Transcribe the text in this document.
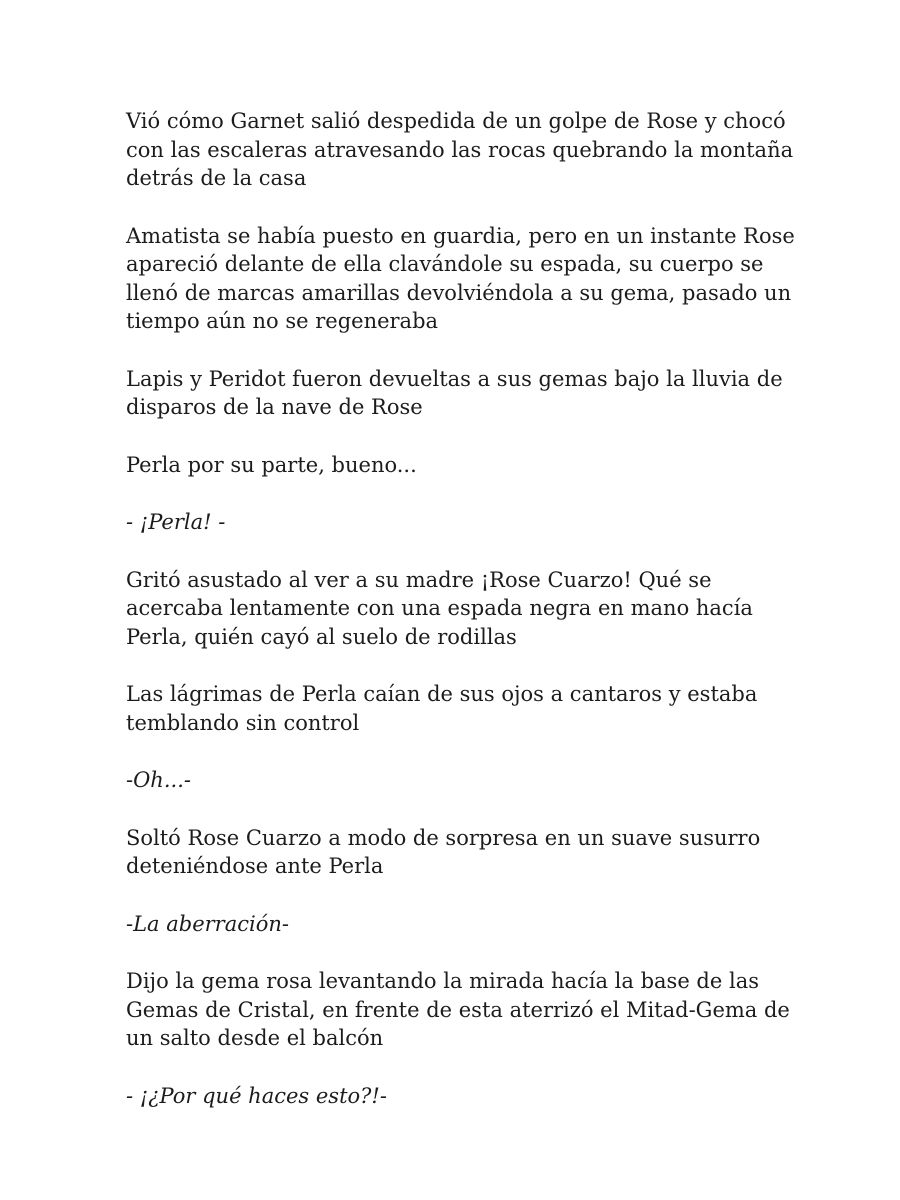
Vió cómo Garnet salió despedida de un golpe de Rose y chocó con las escaleras atravesando las rocas quebrando la montaña detrás de la casa

Amatista se había puesto en guardia, pero en un instante Rose apareció delante de ella clavándole su espada, su cuerpo se llenó de marcas amarillas devolviéndola a su gema, pasado un tiempo aún no se regeneraba

Lapis y Peridot fueron devueltas a sus gemas bajo la lluvia de disparos de la nave de Rose

Perla por su parte, bueno...

- ¡Perla! -

Gritó asustado al ver a su madre ¡Rose Cuarzo! Qué se acercaba lentamente con una espada negra en mano hacía Perla, quién cayó al suelo de rodillas

Las lágrimas de Perla caían de sus ojos a cantaros y estaba temblando sin control

-Oh...-

Soltó Rose Cuarzo a modo de sorpresa en un suave susurro deteniéndose ante Perla

-La aberración-

Dijo la gema rosa levantando la mirada hacía la base de las Gemas de Cristal, en frente de esta aterrizó el Mitad-Gema de un salto desde el balcón

- ¡¿Por qué haces esto?!-
